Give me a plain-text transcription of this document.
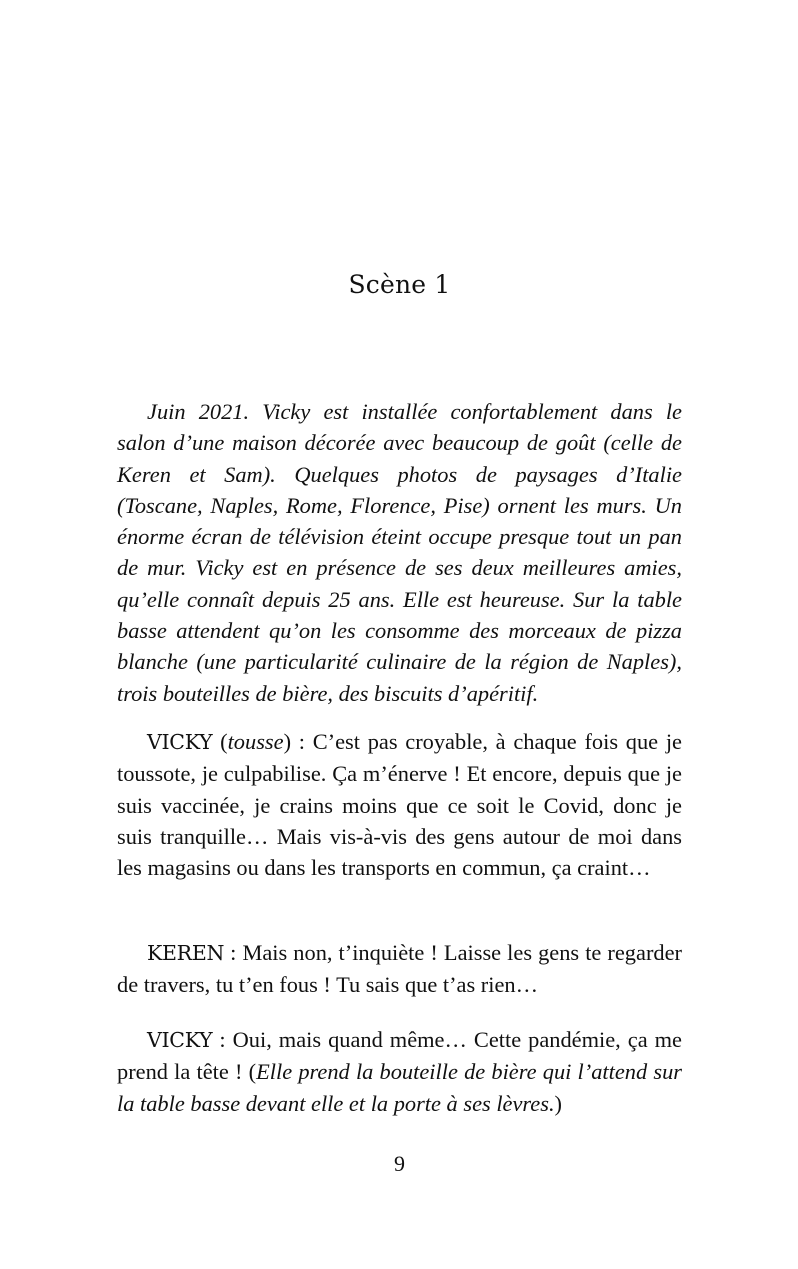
Scène 1

Juin 2021. Vicky est installée confortablement dans le salon d’une maison décorée avec beaucoup de goût (celle de Keren et Sam). Quelques photos de paysages d’Italie (Toscane, Naples, Rome, Florence, Pise) ornent les murs. Un énorme écran de télévision éteint occupe presque tout un pan de mur. Vicky est en présence de ses deux meilleures amies, qu’elle connaît depuis 25 ans. Elle est heureuse. Sur la table basse attendent qu’on les consomme des morceaux de pizza blanche (une particularité culinaire de la région de Naples), trois bouteilles de bière, des biscuits d’apéritif.

VICKY (tousse) : C’est pas croyable, à chaque fois que je toussote, je culpabilise. Ça m’énerve ! Et encore, depuis que je suis vaccinée, je crains moins que ce soit le Covid, donc je suis tranquille… Mais vis-à-vis des gens autour de moi dans les magasins ou dans les transports en commun, ça craint…

KEREN : Mais non, t’inquiète ! Laisse les gens te regarder de travers, tu t’en fous ! Tu sais que t’as rien…

VICKY : Oui, mais quand même… Cette pandémie, ça me prend la tête ! (Elle prend la bouteille de bière qui l’attend sur la table basse devant elle et la porte à ses lèvres.)

9
